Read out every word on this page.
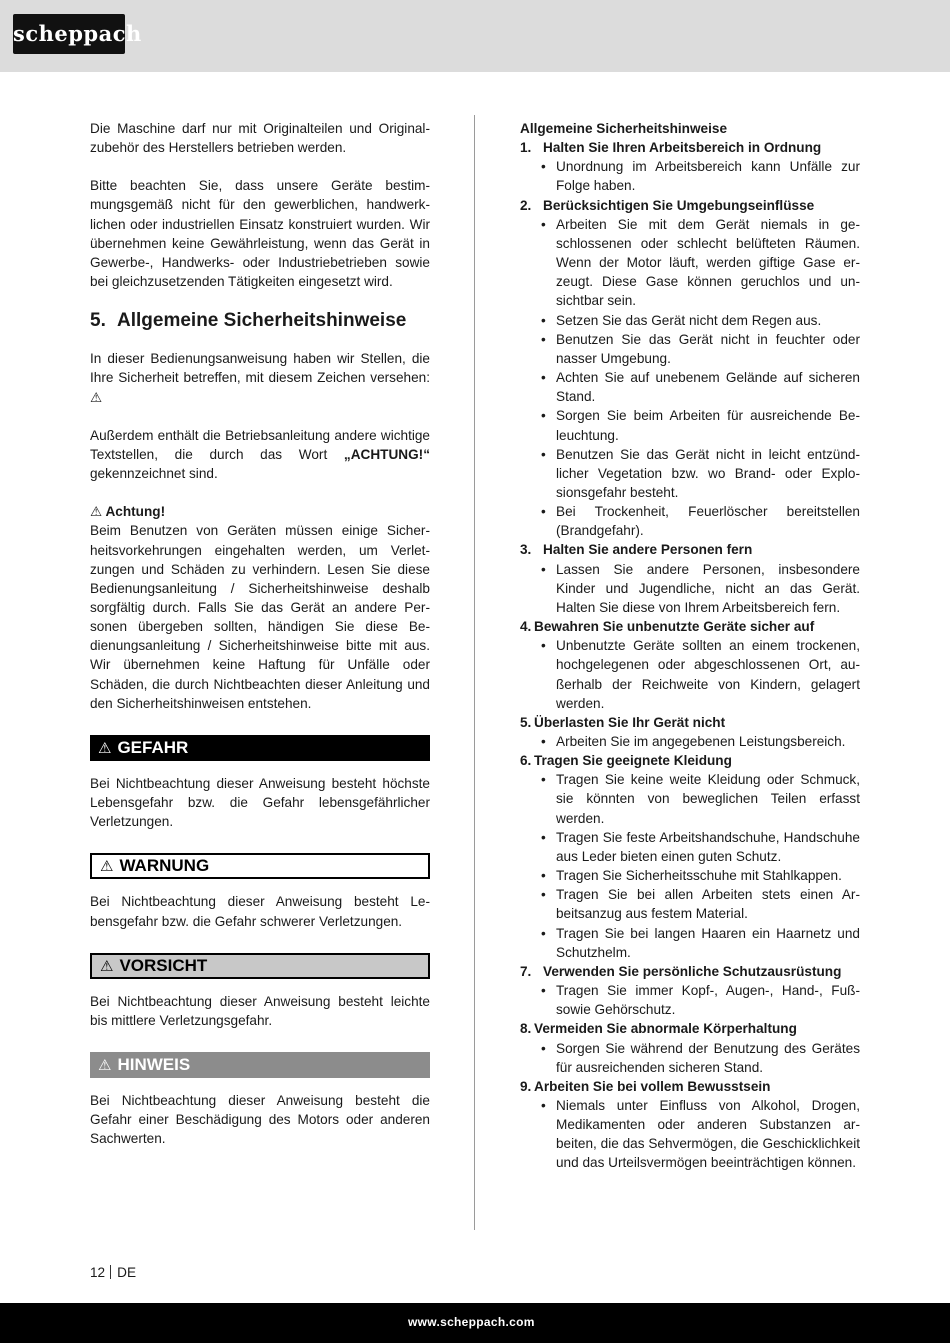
scheppach

Die Maschine darf nur mit Originalteilen und Originalzubehör des Herstellers betrieben werden.

Bitte beachten Sie, dass unsere Geräte bestimmungsgemäß nicht für den gewerblichen, handwerklichen oder industriellen Einsatz konstruiert wurden. Wir übernehmen keine Gewährleistung, wenn das Gerät in Gewerbe-, Handwerks- oder Industriebetrieben sowie bei gleichzusetzenden Tätigkeiten eingesetzt wird.

5. Allgemeine Sicherheitshinweise

In dieser Bedienungsanweisung haben wir Stellen, die Ihre Sicherheit betreffen, mit diesem Zeichen versehen: ⚠

Außerdem enthält die Betriebsanleitung andere wichtige Textstellen, die durch das Wort „ACHTUNG!“ gekennzeichnet sind.

⚠ Achtung!

Beim Benutzen von Geräten müssen einige Sicherheitsvorkehrungen eingehalten werden, um Verletzungen und Schäden zu verhindern. Lesen Sie diese Bedienungsanleitung / Sicherheitshinweise deshalb sorgfältig durch. Falls Sie das Gerät an andere Personen übergeben sollten, händigen Sie diese Bedienungsanleitung / Sicherheitshinweise bitte mit aus. Wir übernehmen keine Haftung für Unfälle oder Schäden, die durch Nichtbeachten dieser Anleitung und den Sicherheitshinweisen entstehen.

⚠ GEFAHR

Bei Nichtbeachtung dieser Anweisung besteht höchste Lebensgefahr bzw. die Gefahr lebensgefährlicher Verletzungen.

⚠ WARNUNG

Bei Nichtbeachtung dieser Anweisung besteht Lebensgefahr bzw. die Gefahr schwerer Verletzungen.

⚠ VORSICHT

Bei Nichtbeachtung dieser Anweisung besteht leichte bis mittlere Verletzungsgefahr.

⚠ HINWEIS

Bei Nichtbeachtung dieser Anweisung besteht die Gefahr einer Beschädigung des Motors oder anderen Sachwerten.

Allgemeine Sicherheitshinweise
1. Halten Sie Ihren Arbeitsbereich in Ordnung
• Unordnung im Arbeitsbereich kann Unfälle zur Folge haben.
2. Berücksichtigen Sie Umgebungseinflüsse
• Arbeiten Sie mit dem Gerät niemals in geschlossenen oder schlecht belüfteten Räumen. Wenn der Motor läuft, werden giftige Gase erzeugt. Diese Gase können geruchlos und unsichtbar sein.
• Setzen Sie das Gerät nicht dem Regen aus.
• Benutzen Sie das Gerät nicht in feuchter oder nasser Umgebung.
• Achten Sie auf unebenem Gelände auf sicheren Stand.
• Sorgen Sie beim Arbeiten für ausreichende Beleuchtung.
• Benutzen Sie das Gerät nicht in leicht entzündlicher Vegetation bzw. wo Brand- oder Explosionsgefahr besteht.
• Bei Trockenheit, Feuerlöscher bereitstellen (Brandgefahr).
3. Halten Sie andere Personen fern
• Lassen Sie andere Personen, insbesondere Kinder und Jugendliche, nicht an das Gerät. Halten Sie diese von Ihrem Arbeitsbereich fern.
4. Bewahren Sie unbenutzte Geräte sicher auf
• Unbenutzte Geräte sollten an einem trockenen, hochgelegenen oder abgeschlossenen Ort, außerhalb der Reichweite von Kindern, gelagert werden.
5. Überlasten Sie Ihr Gerät nicht
• Arbeiten Sie im angegebenen Leistungsbereich.
6. Tragen Sie geeignete Kleidung
• Tragen Sie keine weite Kleidung oder Schmuck, sie könnten von beweglichen Teilen erfasst werden.
• Tragen Sie feste Arbeitshandschuhe, Handschuhe aus Leder bieten einen guten Schutz.
• Tragen Sie Sicherheitsschuhe mit Stahlkappen.
• Tragen Sie bei allen Arbeiten stets einen Arbeitsanzug aus festem Material.
• Tragen Sie bei langen Haaren ein Haarnetz und Schutzhelm.
7. Verwenden Sie persönliche Schutzausrüstung
• Tragen Sie immer Kopf-, Augen-, Hand-, Fußsowie Gehörschutz.
8. Vermeiden Sie abnormale Körperhaltung
• Sorgen Sie während der Benutzung des Gerätes für ausreichenden sicheren Stand.
9. Arbeiten Sie bei vollem Bewusstsein
• Niemals unter Einfluss von Alkohol, Drogen, Medikamenten oder anderen Substanzen arbeiten, die das Sehvermögen, die Geschicklichkeit und das Urteilsvermögen beeinträchtigen können.
12 DE
www.scheppach.com
